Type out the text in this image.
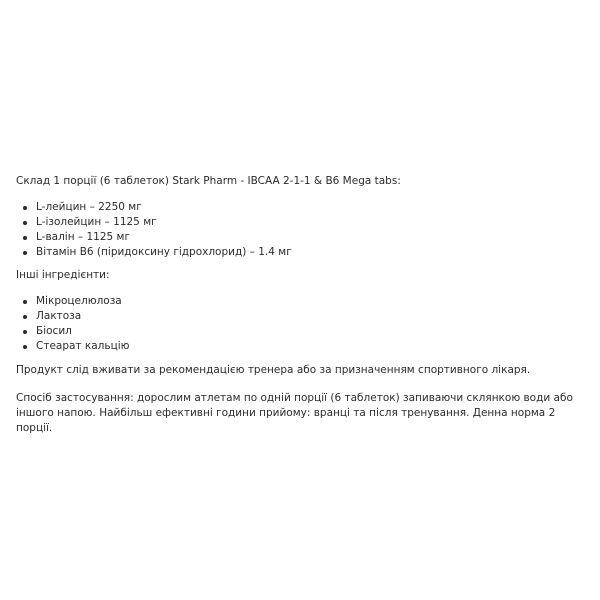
Склад 1 порції (6 таблеток) Stark Pharm - IBCAA 2-1-1 & B6 Mega tabs:

L-лейцин – 2250 мг
L-ізолейцин – 1125 мг
L-валін – 1125 мг
Вітамін В6 (піридоксину гідрохлорид) – 1.4 мг

Інші інгредієнти:

Мікроцелюлоза
Лактоза
Біосил
Стеарат кальцію

Продукт слід вживати за рекомендацією тренера або за призначенням спортивного лікаря.

Спосіб застосування: дорослим атлетам по одній порції (6 таблеток) запиваючи склянкою води або іншого напою. Найбільш ефективні години прийому: вранці та після тренування. Денна норма 2 порції.
